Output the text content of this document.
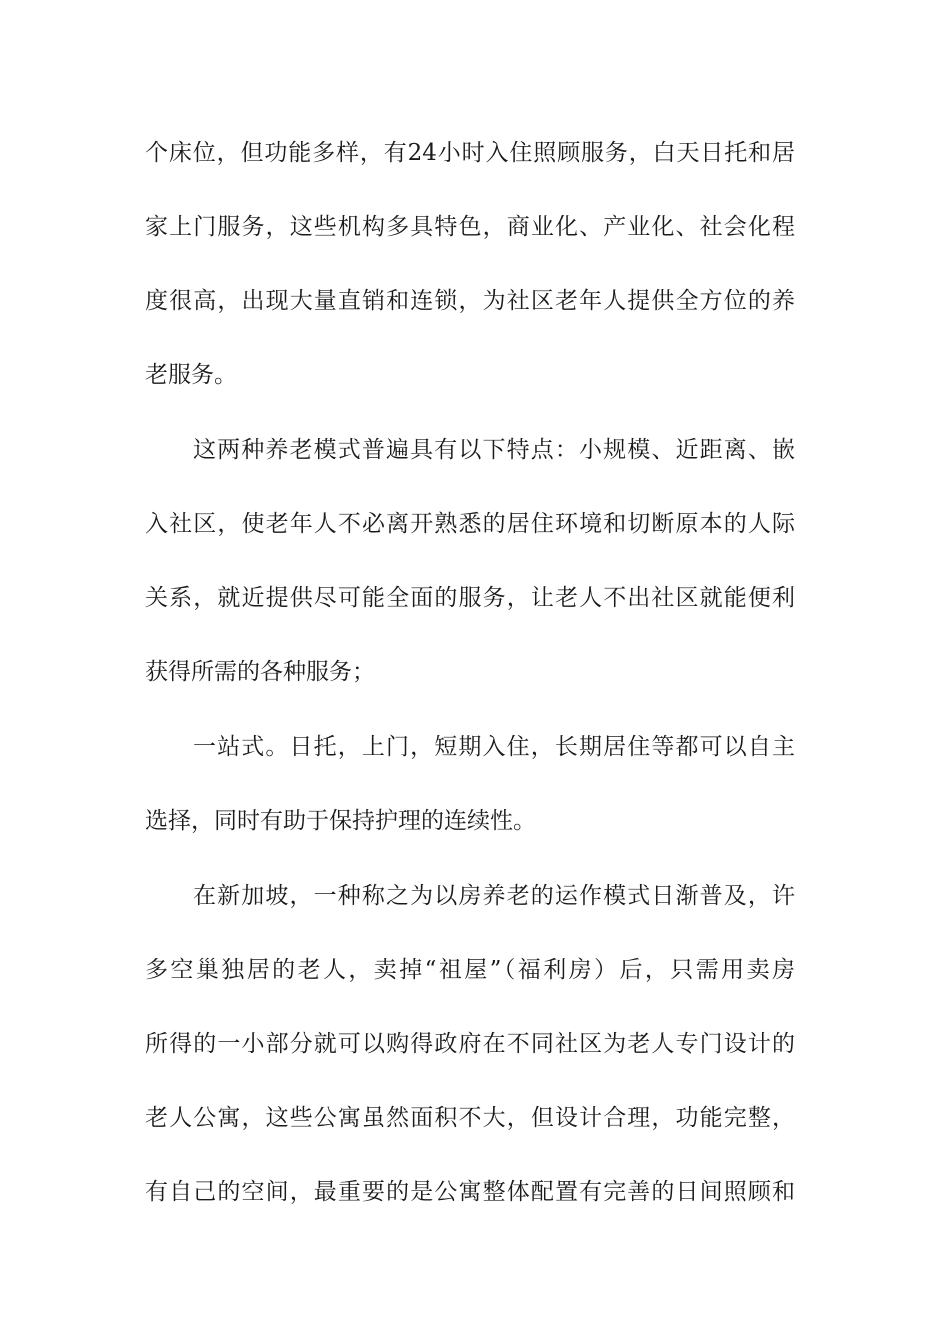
个床位，但功能多样，有24小时入住照顾服务，白天日托和居
家上门服务，这些机构多具特色，商业化、产业化、社会化程
度很高，出现大量直销和连锁，为社区老年人提供全方位的养
老服务。
这两种养老模式普遍具有以下特点：小规模、近距离、嵌
入社区，使老年人不必离开熟悉的居住环境和切断原本的人际
关系，就近提供尽可能全面的服务，让老人不出社区就能便利
获得所需的各种服务；
一站式。日托，上门，短期入住，长期居住等都可以自主
选择，同时有助于保持护理的连续性。
在新加坡，一种称之为以房养老的运作模式日渐普及，许
多空巢独居的老人，卖掉“祖屋”（福利房）后，只需用卖房
所得的一小部分就可以购得政府在不同社区为老人专门设计的
老人公寓，这些公寓虽然面积不大，但设计合理，功能完整，
有自己的空间，最重要的是公寓整体配置有完善的日间照顾和
